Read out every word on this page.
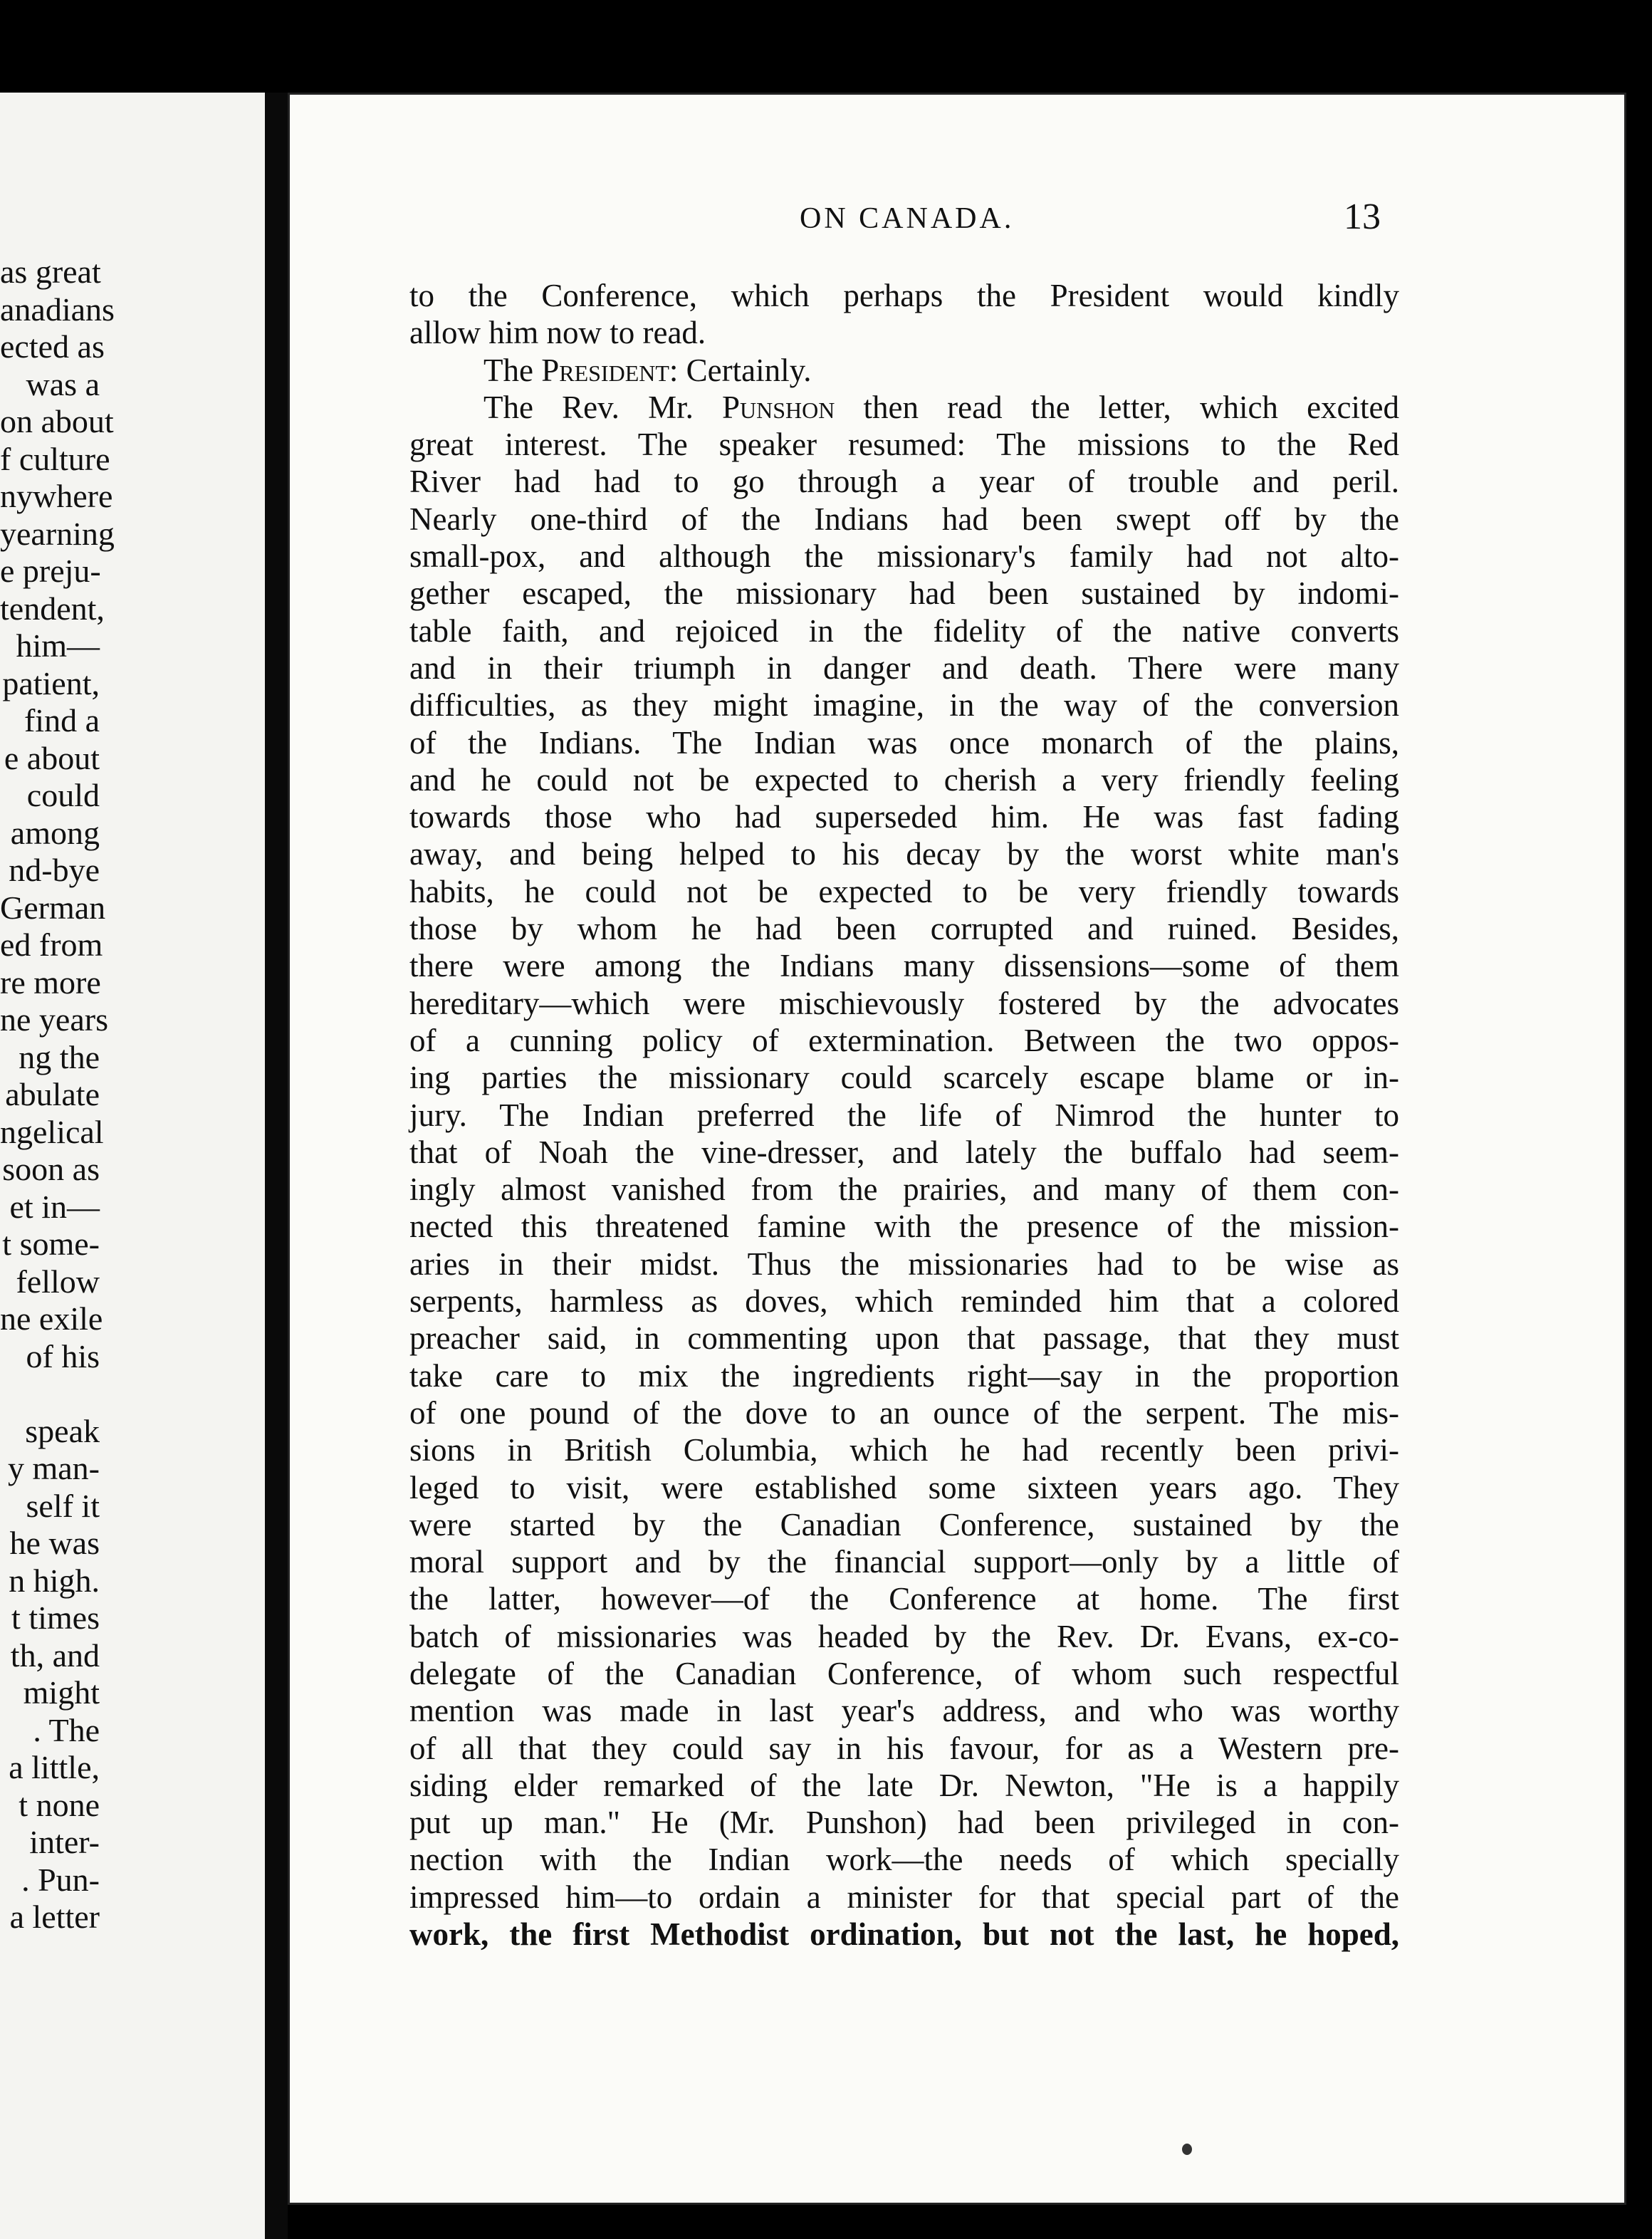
as great
anadians
ected as
was a
on about
f culture
nywhere
yearning
e preju-
tendent,
him—
patient,
find a
e about
could
among
nd-bye
German
ed from
re more
ne years
ng the
abulate
ngelical
soon as
et in—
t some-
fellow
ne exile
of his
speak
y man-
self it
he was
n high.
t times
th, and
might
. The
a little,
t none
inter-
. Pun-
a letter
ON CANADA.	13
to the Conference, which perhaps the President would kindly
allow him now to read.
The President: Certainly.
The Rev. Mr. Punshon then read the letter, which excited
great interest. The speaker resumed: The missions to the Red
River had had to go through a year of trouble and peril.
Nearly one-third of the Indians had been swept off by the
small-pox, and although the missionary's family had not alto-
gether escaped, the missionary had been sustained by indomi-
table faith, and rejoiced in the fidelity of the native converts
and in their triumph in danger and death. There were many
difficulties, as they might imagine, in the way of the conversion
of the Indians. The Indian was once monarch of the plains,
and he could not be expected to cherish a very friendly feeling
towards those who had superseded him. He was fast fading
away, and being helped to his decay by the worst white man's
habits, he could not be expected to be very friendly towards
those by whom he had been corrupted and ruined. Besides,
there were among the Indians many dissensions—some of them
hereditary—which were mischievously fostered by the advocates
of a cunning policy of extermination. Between the two oppos-
ing parties the missionary could scarcely escape blame or in-
jury. The Indian preferred the life of Nimrod the hunter to
that of Noah the vine-dresser, and lately the buffalo had seem-
ingly almost vanished from the prairies, and many of them con-
nected this threatened famine with the presence of the mission-
aries in their midst. Thus the missionaries had to be wise as
serpents, harmless as doves, which reminded him that a colored
preacher said, in commenting upon that passage, that they must
take care to mix the ingredients right—say in the proportion
of one pound of the dove to an ounce of the serpent. The mis-
sions in British Columbia, which he had recently been privi-
leged to visit, were established some sixteen years ago. They
were started by the Canadian Conference, sustained by the
moral support and by the financial support—only by a little of
the latter, however—of the Conference at home. The first
batch of missionaries was headed by the Rev. Dr. Evans, ex-co-
delegate of the Canadian Conference, of whom such respectful
mention was made in last year's address, and who was worthy
of all that they could say in his favour, for as a Western pre-
siding elder remarked of the late Dr. Newton, "He is a happily
put up man." He (Mr. Punshon) had been privileged in con-
nection with the Indian work—the needs of which specially
impressed him—to ordain a minister for that special part of the
work, the first Methodist ordination, but not the last, he hoped,
